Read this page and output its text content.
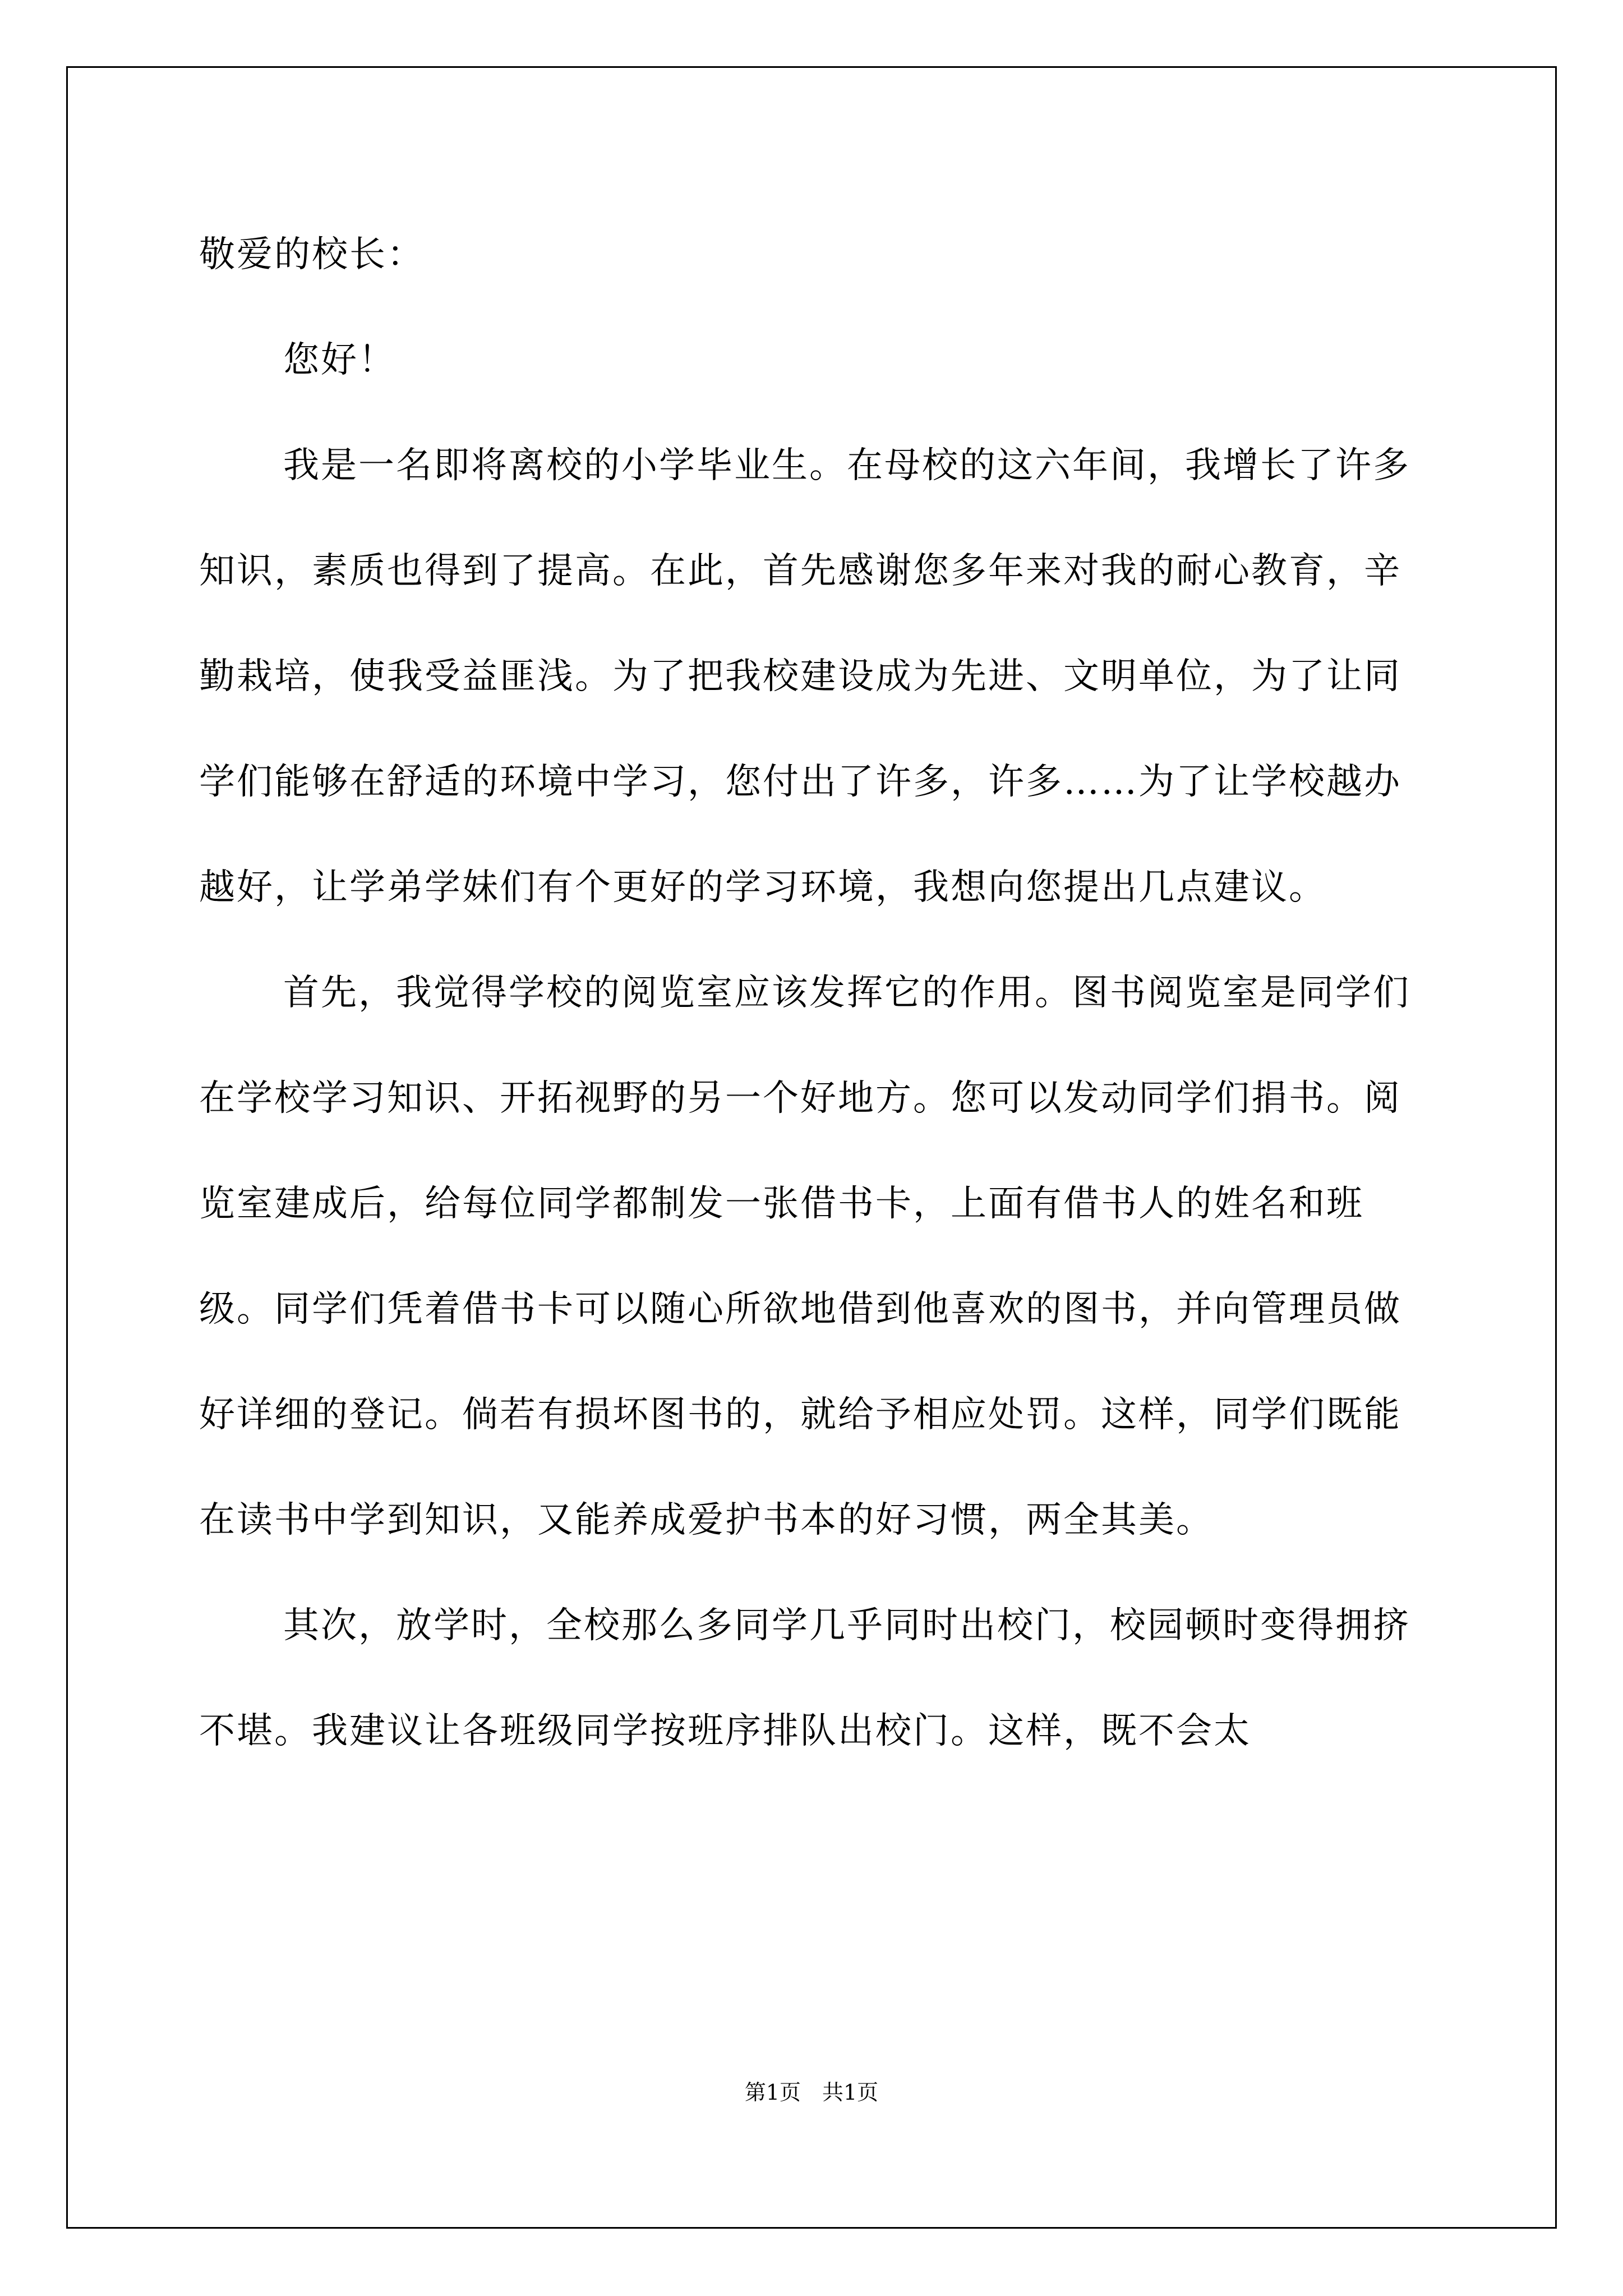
敬爱的校长：

您好！

我是一名即将离校的小学毕业生。在母校的这六年间，我增长了许多知识，素质也得到了提高。在此，首先感谢您多年来对我的耐心教育，辛勤栽培，使我受益匪浅。为了把我校建设成为先进、文明单位，为了让同学们能够在舒适的环境中学习，您付出了许多，许多……为了让学校越办越好，让学弟学妹们有个更好的学习环境，我想向您提出几点建议。

首先，我觉得学校的阅览室应该发挥它的作用。图书阅览室是同学们在学校学习知识、开拓视野的另一个好地方。您可以发动同学们捐书。阅览室建成后，给每位同学都制发一张借书卡，上面有借书人的姓名和班级。同学们凭着借书卡可以随心所欲地借到他喜欢的图书，并向管理员做好详细的登记。倘若有损坏图书的，就给予相应处罚。这样，同学们既能在读书中学到知识，又能养成爱护书本的好习惯，两全其美。

其次，放学时，全校那么多同学几乎同时出校门，校园顿时变得拥挤不堪。我建议让各班级同学按班序排队出校门。这样，既不会太

第1页　共1页
